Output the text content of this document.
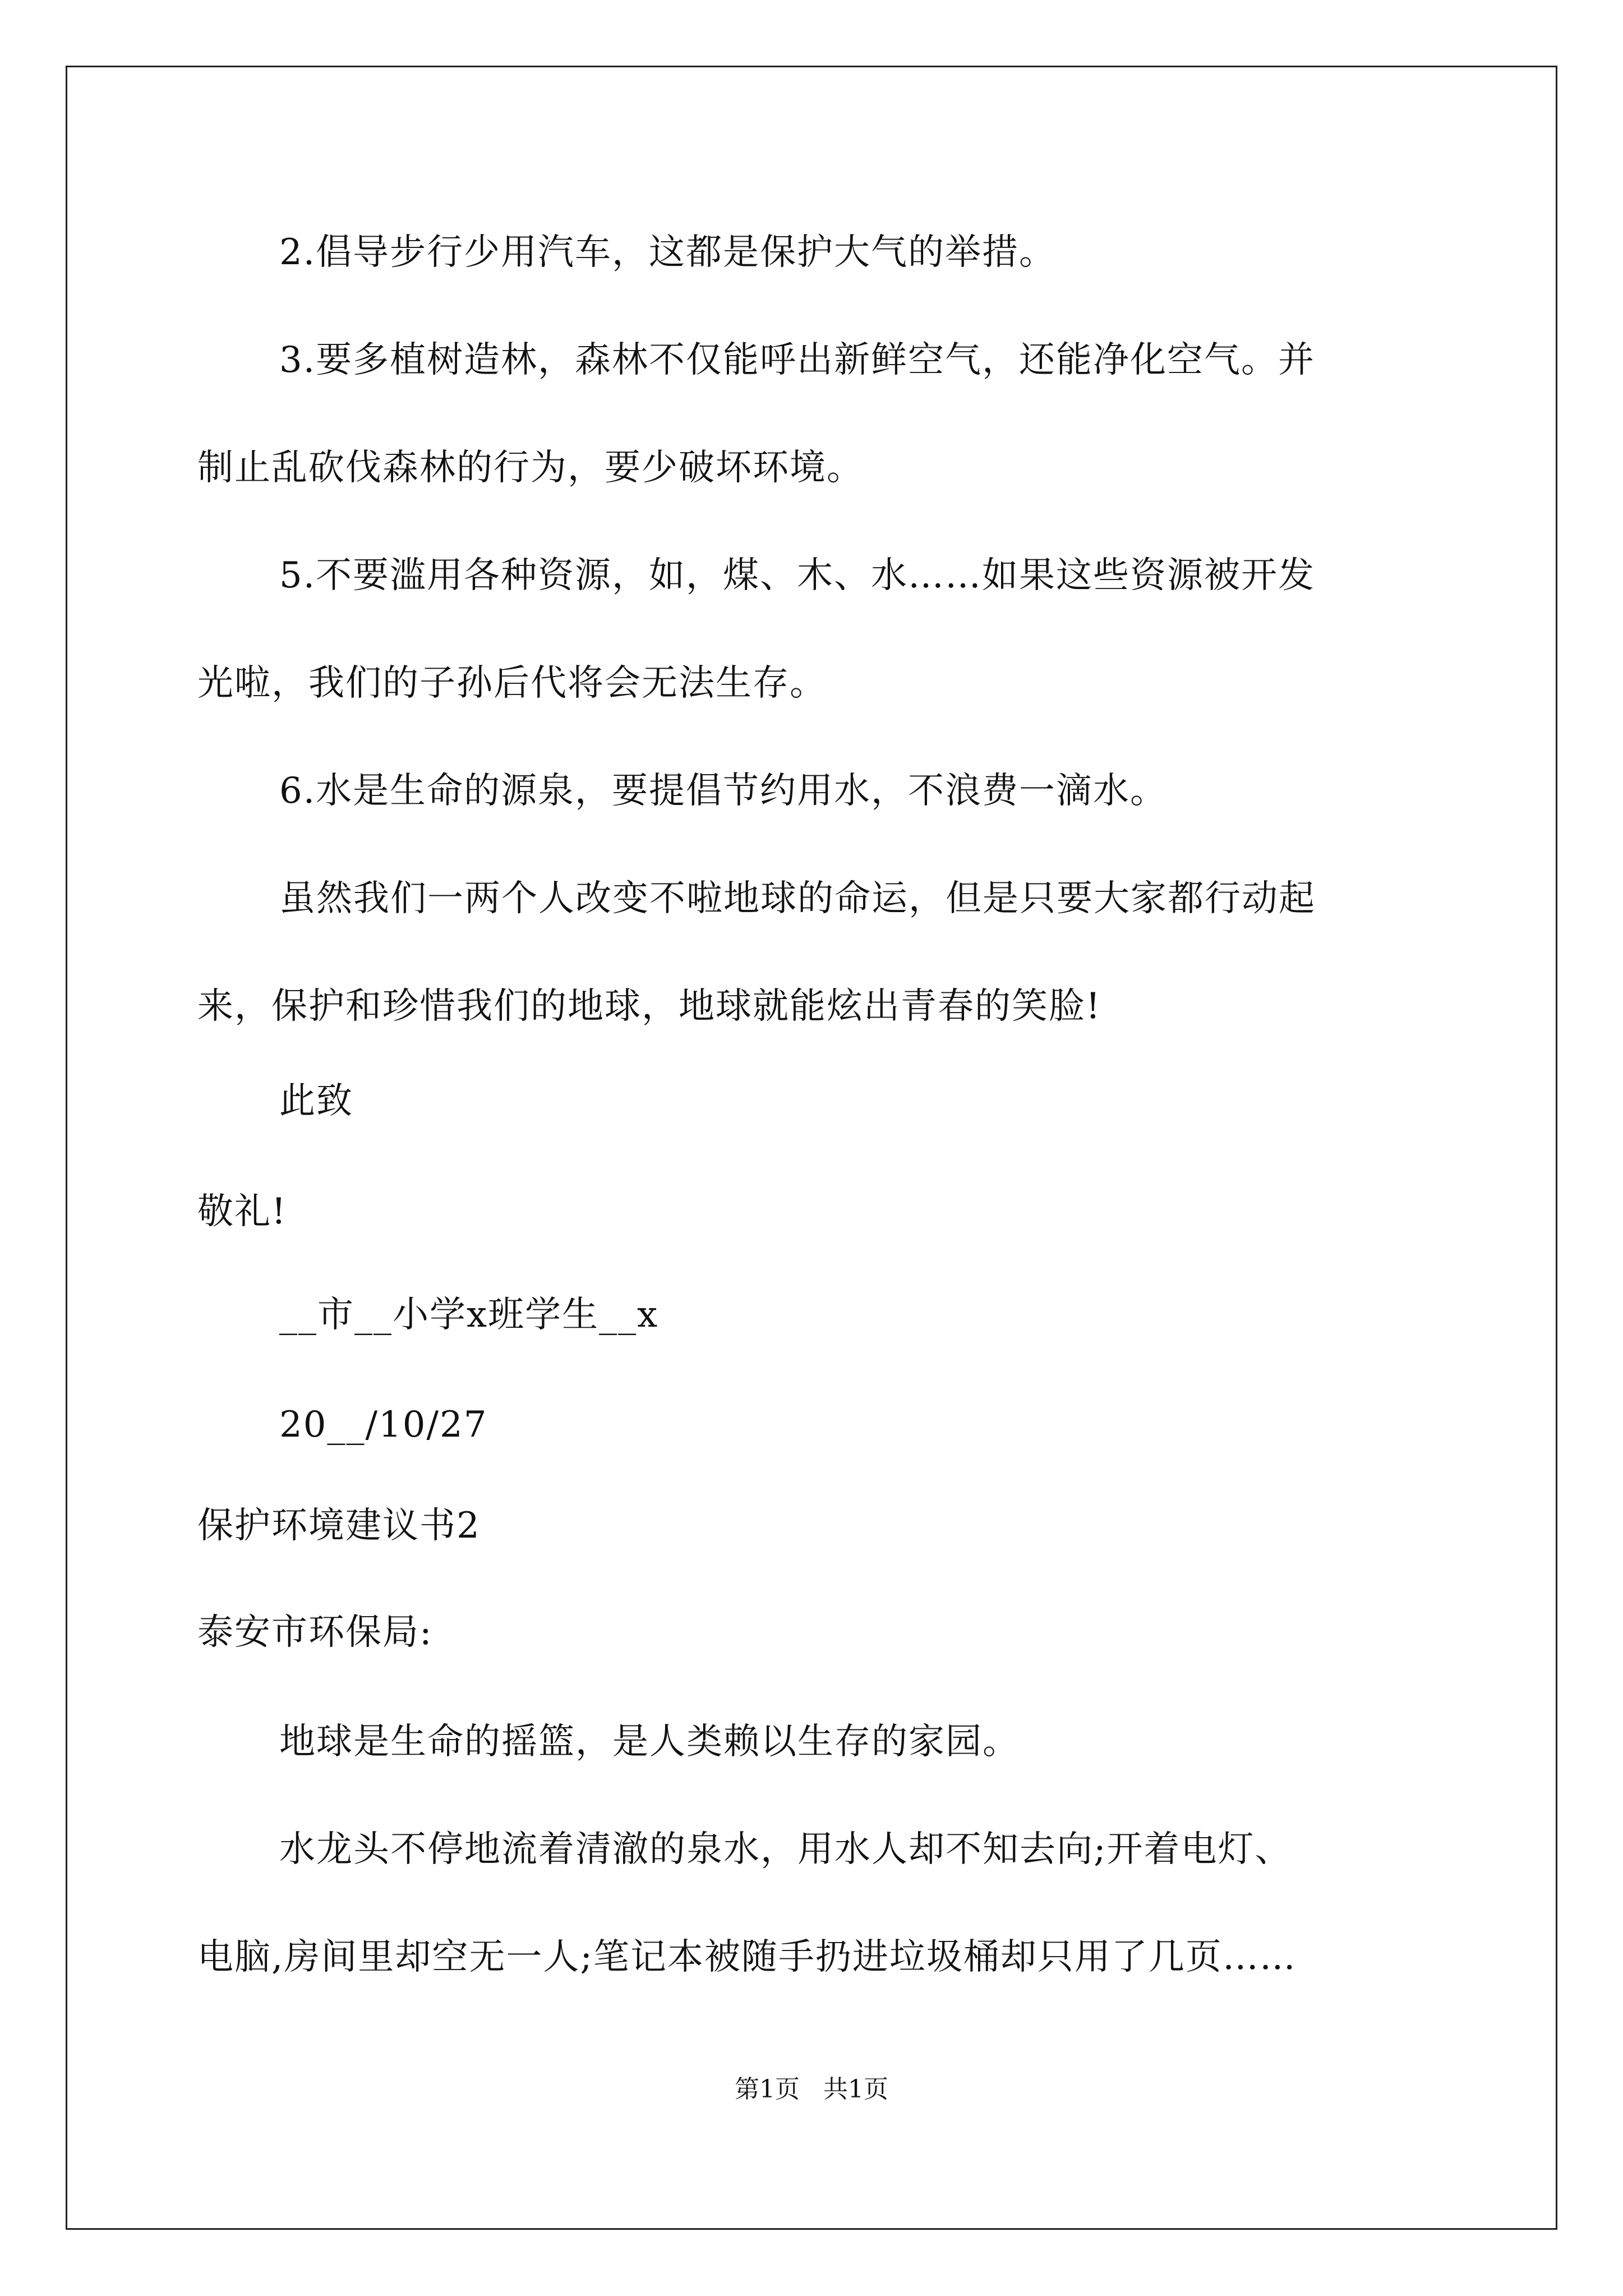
2.倡导步行少用汽车，这都是保护大气的举措。
3.要多植树造林，森林不仅能呼出新鲜空气，还能净化空气。并
制止乱砍伐森林的行为，要少破坏环境。
5.不要滥用各种资源，如，煤、木、水……如果这些资源被开发
光啦，我们的子孙后代将会无法生存。
6.水是生命的源泉，要提倡节约用水，不浪费一滴水。
虽然我们一两个人改变不啦地球的命运，但是只要大家都行动起
来，保护和珍惜我们的地球，地球就能炫出青春的笑脸!
此致
敬礼!
__市__小学x班学生__x
20__/10/27
保护环境建议书2
泰安市环保局:
地球是生命的摇篮，是人类赖以生存的家园。
水龙头不停地流着清澈的泉水，用水人却不知去向;开着电灯、
电脑,房间里却空无一人;笔记本被随手扔进垃圾桶却只用了几页……
第1页   共1页
